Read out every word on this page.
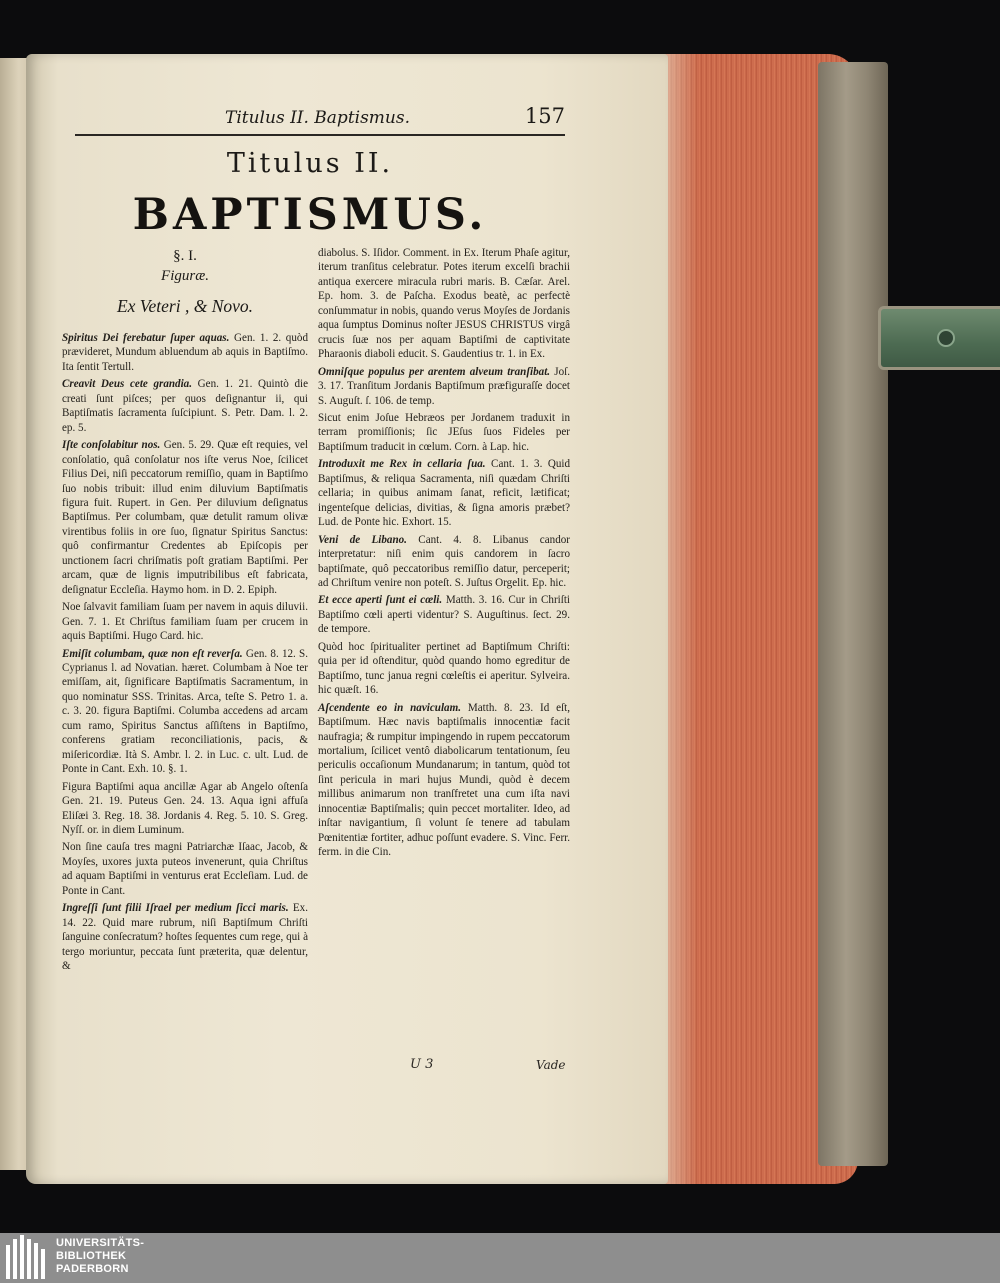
Titulus II. Baptismus.	157
Titulus II.
BAPTISMUS.
§. I.
Figuræ.
Ex Veteri , & Novo.

Spiritus Dei ferebatur ſuper aquas. Gen. 1. 2. quòd prævideret, Mundum abluendum ab aquis in Baptiſmo. Ita ſentit Tertull.

Creavit Deus cete grandia. Gen. 1. 21. Quintò die creati ſunt piſces; per quos deſignantur ii, qui Baptiſmatis ſacramenta ſuſcipiunt. S. Petr. Dam. l. 2. ep. 5.

Iſte conſolabitur nos. Gen. 5. 29. Quæ eſt requies, vel conſolatio, quâ conſolatur nos iſte verus Noe, ſcilicet Filius Dei, niſi peccatorum remiſſio, quam in Baptiſmo ſuo nobis tribuit: illud enim diluvium Baptiſmatis figura fuit. Rupert. in Gen. Per diluvium deſignatus Baptiſmus. Per columbam, quæ detulit ramum olivæ virentibus foliis in ore ſuo, ſignatur Spiritus Sanctus: quô confirmantur Credentes ab Epiſcopis per unctionem ſacri chriſmatis poſt gratiam Baptiſmi. Per arcam, quæ de lignis imputribilibus eſt fabricata, deſignatur Eccleſia. Haymo hom. in D. 2. Epiph.

Noe ſalvavit familiam ſuam per navem in aquis diluvii. Gen. 7. 1. Et Chriſtus familiam ſuam per crucem in aquis Baptiſmi. Hugo Card. hic.

Emiſit columbam, quæ non eſt reverſa. Gen. 8. 12. S. Cyprianus l. ad Novatian. hæret. Columbam à Noe ter emiſſam, ait, ſignificare Baptiſmatis Sacramentum, in quo nominatur SSS. Trinitas. Arca, teſte S. Petro 1. a. c. 3. 20. figura Baptiſmi. Columba accedens ad arcam cum ramo, Spiritus Sanctus aſſiſtens in Baptiſmo, conferens gratiam reconciliationis, pacis, & miſericordiæ. Ità S. Ambr. l. 2. in Luc. c. ult. Lud. de Ponte in Cant. Exh. 10. §. 1.

Figura Baptiſmi aqua ancillæ Agar ab Angelo oſtenſa Gen. 21. 19. Puteus Gen. 24. 13. Aqua igni affuſa Eliſæi 3. Reg. 18. 38. Jordanis 4. Reg. 5. 10. S. Greg. Nyſſ. or. in diem Luminum.

Non ſine cauſa tres magni Patriarchæ Iſaac, Jacob, & Moyſes, uxores juxta puteos invenerunt, quia Chriſtus ad aquam Baptiſmi in venturus erat Eccleſiam. Lud. de Ponte in Cant.

Ingreſſi ſunt filii Iſrael per medium ſicci maris. Ex. 14. 22. Quid mare rubrum, niſi Baptiſmum Chriſti ſanguine conſecratum? hoſtes ſequentes cum rege, qui à tergo moriuntur, peccata ſunt præterita, quæ delentur, &

diabolus. S. Iſidor. Comment. in Ex. Iterum Phaſe agitur, iterum tranſitus celebratur. Potes iterum excelſi brachii antiqua exercere miracula rubri maris. B. Cæſar. Arel. Ep. hom. 3. de Paſcha. Exodus beatè, ac perfectè conſummatur in nobis, quando verus Moyſes de Jordanis aqua ſumptus Dominus noſter JESUS CHRISTUS virgâ crucis ſuæ nos per aquam Baptiſmi de captivitate Pharaonis diaboli educit. S. Gaudentius tr. 1. in Ex.

Omniſque populus per arentem alveum tranſibat. Joſ. 3. 17. Tranſitum Jordanis Baptiſmum præfiguraſſe docet S. Auguſt. ſ. 106. de temp.

Sicut enim Joſue Hebræos per Jordanem traduxit in terram promiſſionis; ſic JEſus ſuos Fideles per Baptiſmum traducit in cœlum. Corn. à Lap. hic.

Introduxit me Rex in cellaria ſua. Cant. 1. 3. Quid Baptiſmus, & reliqua Sacramenta, niſi quædam Chriſti cellaria; in quibus animam ſanat, reficit, lætificat; ingenteſque delicias, divitias, & ſigna amoris præbet? Lud. de Ponte hic. Exhort. 15.

Veni de Libano. Cant. 4. 8. Libanus candor interpretatur: niſi enim quis candorem in ſacro baptiſmate, quô peccatoribus remiſſio datur, perceperit; ad Chriſtum venire non poteſt. S. Juſtus Orgelit. Ep. hic.

Et ecce aperti ſunt ei cœli. Matth. 3. 16. Cur in Chriſti Baptiſmo cœli aperti videntur? S. Auguſtinus. ſect. 29. de tempore.

Quòd hoc ſpiritualiter pertinet ad Baptiſmum Chriſti: quia per id oſtenditur, quòd quando homo egreditur de Baptiſmo, tunc janua regni cœleſtis ei aperitur. Sylveira. hic quæſt. 16.

Aſcendente eo in naviculam. Matth. 8. 23. Id eſt, Baptiſmum. Hæc navis baptiſmalis innocentiæ facit naufragia; & rumpitur impingendo in rupem peccatorum mortalium, ſcilicet ventô diabolicarum tentationum, ſeu periculis occaſionum Mundanarum; in tantum, quòd tot ſint pericula in mari hujus Mundi, quòd è decem millibus animarum non tranſfretet una cum iſta navi innocentiæ Baptiſmalis; quin peccet mortaliter. Ideo, ad inſtar navigantium, ſi volunt ſe tenere ad tabulam Pœnitentiæ fortiter, adhuc poſſunt evadere. S. Vinc. Ferr. ferm. in die Cin.

U 3	Vade
UNIVERSITÄTS-
BIBLIOTHEK
PADERBORN
